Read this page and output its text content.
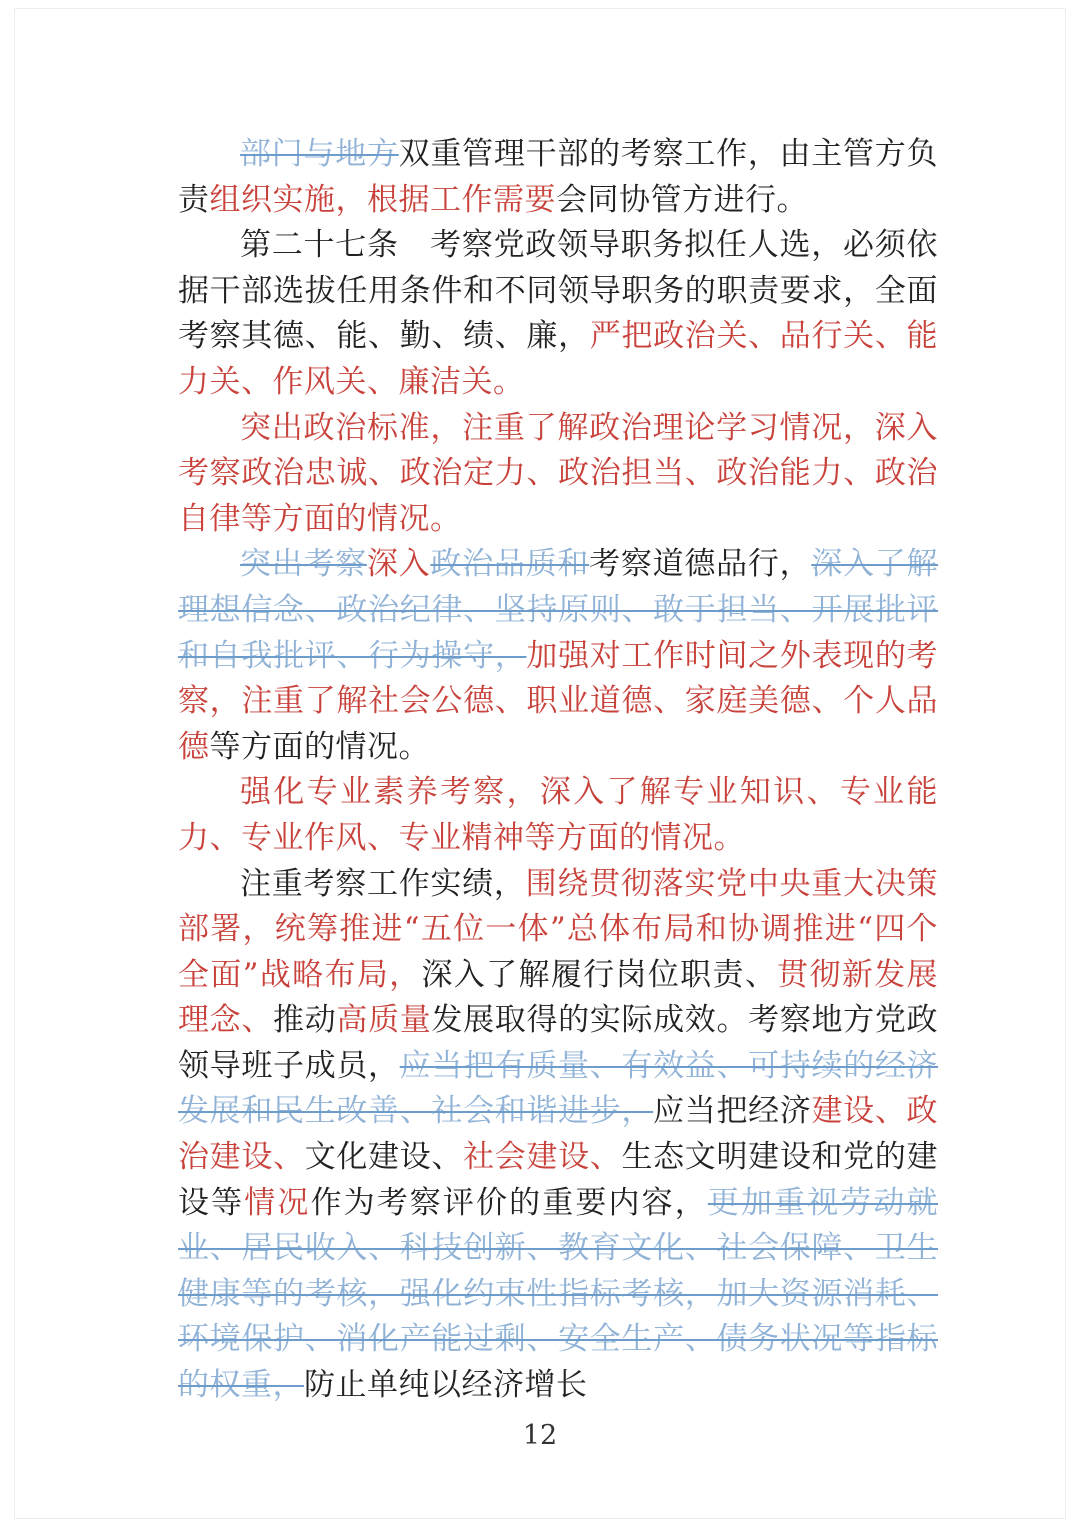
部门与地方双重管理干部的考察工作，由主管方负责组织实施，根据工作需要会同协管方进行。

第二十七条 考察党政领导职务拟任人选，必须依据干部选拔任用条件和不同领导职务的职责要求，全面考察其德、能、勤、绩、廉，严把政治关、品行关、能力关、作风关、廉洁关。

突出政治标准，注重了解政治理论学习情况，深入考察政治忠诚、政治定力、政治担当、政治能力、政治自律等方面的情况。

突出考察深入政治品质和考察道德品行，深入了解理想信念、政治纪律、坚持原则、敢于担当、开展批评和自我批评、行为操守，加强对工作时间之外表现的考察，注重了解社会公德、职业道德、家庭美德、个人品德等方面的情况。

强化专业素养考察，深入了解专业知识、专业能力、专业作风、专业精神等方面的情况。

注重考察工作实绩，围绕贯彻落实党中央重大决策部署，统筹推进“五位一体”总体布局和协调推进“四个全面”战略布局，深入了解履行岗位职责、贯彻新发展理念、推动高质量发展取得的实际成效。考察地方党政领导班子成员，应当把有质量、有效益、可持续的经济发展和民生改善、社会和谐进步，应当把经济建设、政治建设、文化建设、社会建设、生态文明建设和党的建设等情况作为考察评价的重要内容，更加重视劳动就业、居民收入、科技创新、教育文化、社会保障、卫生健康等的考核，强化约束性指标考核，加大资源消耗、环境保护、消化产能过剩、安全生产、债务状况等指标的权重，防止单纯以经济增长

12
